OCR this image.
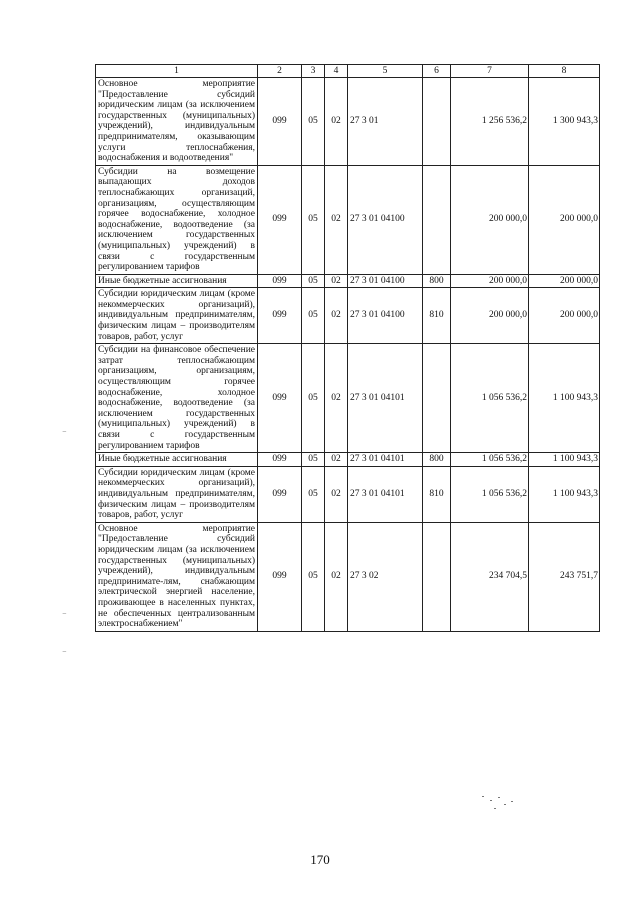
1	2	3	4	5	6	7	8
Основное мероприятие "Предоставление субсидий юридическим лицам (за исключением государственных (муниципальных) учреждений), индивидуальным предпринимателям, оказывающим услуги теплоснабжения, водоснабжения и водоотведения"	099	05	02	27 3 01		1 256 536,2	1 300 943,3
Субсидии на возмещение выпадающих доходов теплоснабжающих организаций, организациям, осуществляющим горячее водоснабжение, холодное водоснабжение, водоотведение (за исключением государственных (муниципальных) учреждений) в связи с государственным регулированием тарифов	099	05	02	27 3 01 04100		200 000,0	200 000,0
Иные бюджетные ассигнования	099	05	02	27 3 01 04100	800	200 000,0	200 000,0
Субсидии юридическим лицам (кроме некоммерческих организаций), индивидуальным предпринимателям, физическим лицам – производителям товаров, работ, услуг	099	05	02	27 3 01 04100	810	200 000,0	200 000,0
Субсидии на финансовое обеспечение затрат теплоснабжающим организациям, организациям, осуществляющим горячее водоснабжение, холодное водоснабжение, водоотведение (за исключением государственных (муниципальных) учреждений) в связи с государственным регулированием тарифов	099	05	02	27 3 01 04101		1 056 536,2	1 100 943,3
Иные бюджетные ассигнования	099	05	02	27 3 01 04101	800	1 056 536,2	1 100 943,3
Субсидии юридическим лицам (кроме некоммерческих организаций), индивидуальным предпринимателям, физическим лицам – производителям товаров, работ, услуг	099	05	02	27 3 01 04101	810	1 056 536,2	1 100 943,3
Основное мероприятие "Предоставление субсидий юридическим лицам (за исключением государственных (муниципальных) учреждений), индивидуальным предпринимате-лям, снабжающим электрической энергией население, проживающее в населенных пунктах, не обеспеченных централизованным электроснабжением"	099	05	02	27 3 02		234 704,5	243 751,7
⁻
⁻
⁻
170
